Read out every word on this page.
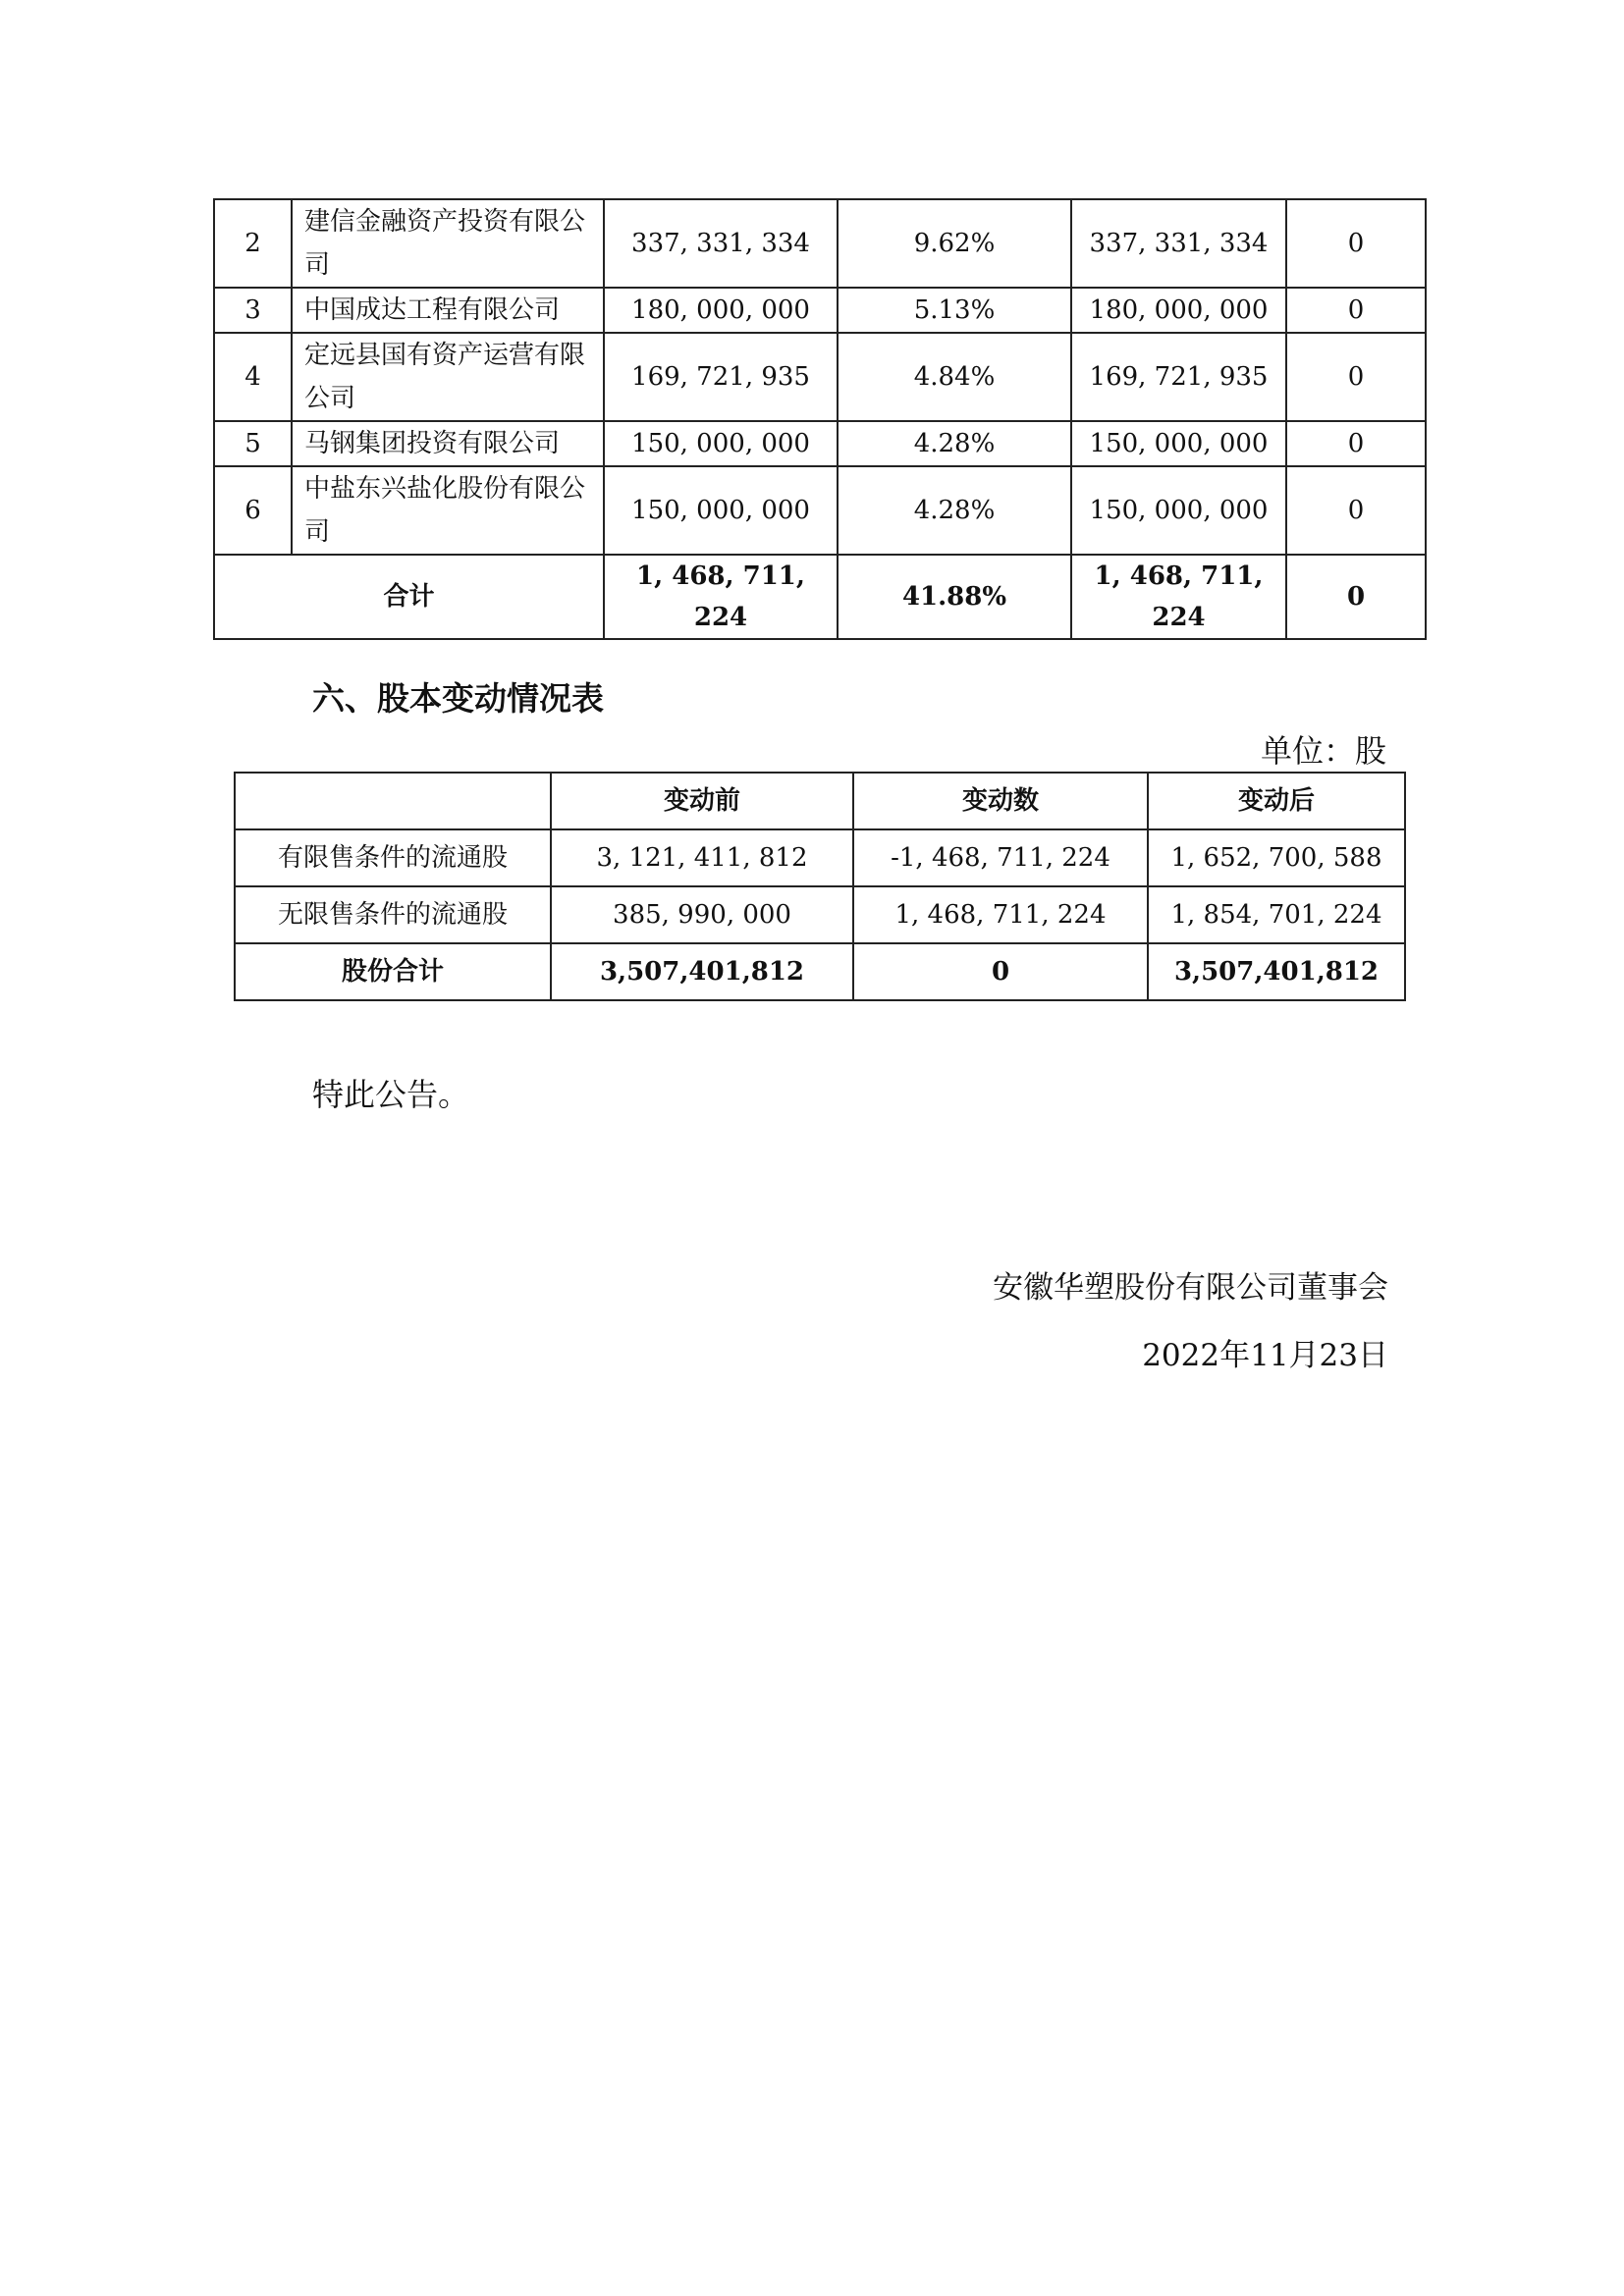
2	建信金融资产投资有限公司	337, 331, 334	9.62%	337, 331, 334	0
3	中国成达工程有限公司	180, 000, 000	5.13%	180, 000, 000	0
4	定远县国有资产运营有限公司	169, 721, 935	4.84%	169, 721, 935	0
5	马钢集团投资有限公司	150, 000, 000	4.28%	150, 000, 000	0
6	中盐东兴盐化股份有限公司	150, 000, 000	4.28%	150, 000, 000	0
合计		1, 468, 711, 224	41.88%	1, 468, 711, 224	0
六、股本变动情况表
单位：股
	变动前	变动数	变动后
有限售条件的流通股	3, 121, 411, 812	-1, 468, 711, 224	1, 652, 700, 588
无限售条件的流通股	385, 990, 000	1, 468, 711, 224	1, 854, 701, 224
股份合计	3,507,401,812	0	3,507,401,812
特此公告。
安徽华塑股份有限公司董事会
2022年11月23日
